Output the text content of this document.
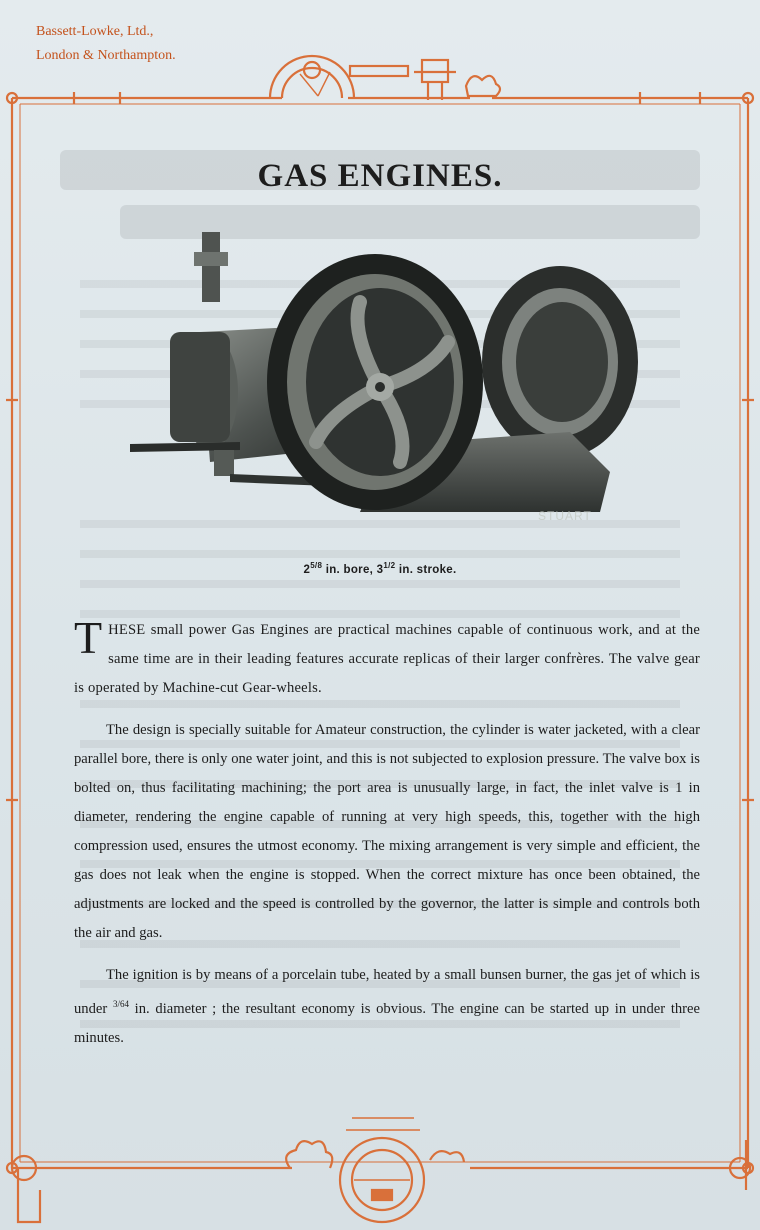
Bassett-Lowke, Ltd.,
London & Northampton.
GAS ENGINES.
STUART
$2^{5/8}$ in. bore, $3^{1/2}$ in. stroke.

THESE small power Gas Engines are practical machines capable of continuous work, and at the same time are in their leading features accurate replicas of their larger confrères. The valve gear is operated by Machine-cut Gear-wheels.

The design is specially suitable for Amateur construction, the cylinder is water jacketed, with a clear parallel bore, there is only one water joint, and this is not subjected to explosion pressure. The valve box is bolted on, thus facilitating machining; the port area is unusually large, in fact, the inlet valve is 1 in diameter, rendering the engine capable of running at very high speeds, this, together with the high compression used, ensures the utmost economy. The mixing arrangement is very simple and efficient, the gas does not leak when the engine is stopped. When the correct mixture has once been obtained, the adjustments are locked and the speed is controlled by the governor, the latter is simple and controls both the air and gas.

The ignition is by means of a porcelain tube, heated by a small bunsen burner, the gas jet of which is under $^{3/64}$ in. diameter ; the resultant economy is obvious. The engine can be started up in under three minutes.
